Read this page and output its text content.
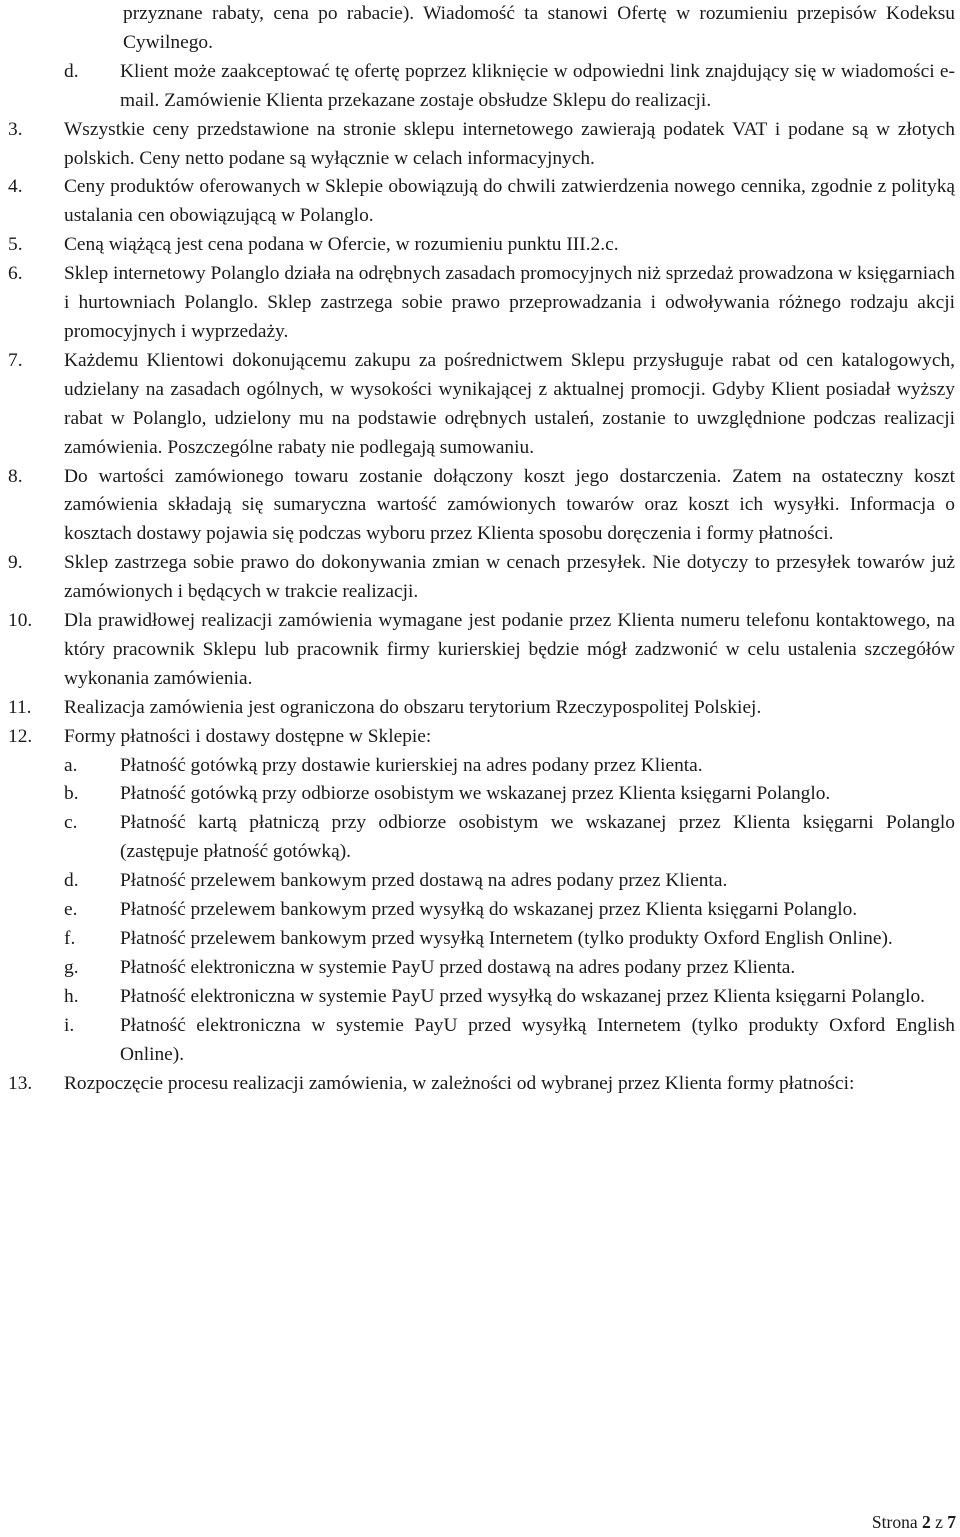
przyznane rabaty, cena po rabacie). Wiadomość ta stanowi Ofertę w rozumieniu przepisów Kodeksu Cywilnego.
d.	Klient może zaakceptować tę ofertę poprzez kliknięcie w odpowiedni link znajdujący się w wiadomości e-mail. Zamówienie Klienta przekazane zostaje obsłudze Sklepu do realizacji.
3.	Wszystkie ceny przedstawione na stronie sklepu internetowego zawierają podatek VAT i podane są w złotych polskich. Ceny netto podane są wyłącznie w celach informacyjnych.
4.	Ceny produktów oferowanych w Sklepie obowiązują do chwili zatwierdzenia nowego cennika, zgodnie z polityką ustalania cen obowiązującą w Polanglo.
5.	Ceną wiążącą jest cena podana w Ofercie, w rozumieniu punktu III.2.c.
6.	Sklep internetowy Polanglo działa na odrębnych zasadach promocyjnych niż sprzedaż prowadzona w księgarniach i hurtowniach Polanglo. Sklep zastrzega sobie prawo przeprowadzania i odwoływania różnego rodzaju akcji promocyjnych i wyprzedaży.
7.	Każdemu Klientowi dokonującemu zakupu za pośrednictwem Sklepu przysługuje rabat od cen katalogowych, udzielany na zasadach ogólnych, w wysokości wynikającej z aktualnej promocji. Gdyby Klient posiadał wyższy rabat w Polanglo, udzielony mu na podstawie odrębnych ustaleń, zostanie to uwzględnione podczas realizacji zamówienia. Poszczególne rabaty nie podlegają sumowaniu.
8.	Do wartości zamówionego towaru zostanie dołączony koszt jego dostarczenia. Zatem na ostateczny koszt zamówienia składają się sumaryczna wartość zamówionych towarów oraz koszt ich wysyłki. Informacja o kosztach dostawy pojawia się podczas wyboru przez Klienta sposobu doręczenia i formy płatności.
9.	Sklep zastrzega sobie prawo do dokonywania zmian w cenach przesyłek. Nie dotyczy to przesyłek towarów już zamówionych i będących w trakcie realizacji.
10.	Dla prawidłowej realizacji zamówienia wymagane jest podanie przez Klienta numeru telefonu kontaktowego, na który pracownik Sklepu lub pracownik firmy kurierskiej będzie mógł zadzwonić w celu ustalenia szczegółów wykonania zamówienia.
11.	Realizacja zamówienia jest ograniczona do obszaru terytorium Rzeczypospolitej Polskiej.
12.	Formy płatności i dostawy dostępne w Sklepie:
a.	Płatność gotówką przy dostawie kurierskiej na adres podany przez Klienta.
b.	Płatność gotówką przy odbiorze osobistym we wskazanej przez Klienta księgarni Polanglo.
c.	Płatność kartą płatniczą przy odbiorze osobistym we wskazanej przez Klienta księgarni Polanglo (zastępuje płatność gotówką).
d.	Płatność przelewem bankowym przed dostawą na adres podany przez Klienta.
e.	Płatność przelewem bankowym przed wysyłką do wskazanej przez Klienta księgarni Polanglo.
f.	Płatność przelewem bankowym przed wysyłką Internetem (tylko produkty Oxford English Online).
g.	Płatność elektroniczna w systemie PayU przed dostawą na adres podany przez Klienta.
h.	Płatność elektroniczna w systemie PayU przed wysyłką do wskazanej przez Klienta księgarni Polanglo.
i.	Płatność elektroniczna w systemie PayU przed wysyłką Internetem (tylko produkty Oxford English Online).
13.	Rozpoczęcie procesu realizacji zamówienia, w zależności od wybranej przez Klienta formy płatności:
Strona 2 z 7
